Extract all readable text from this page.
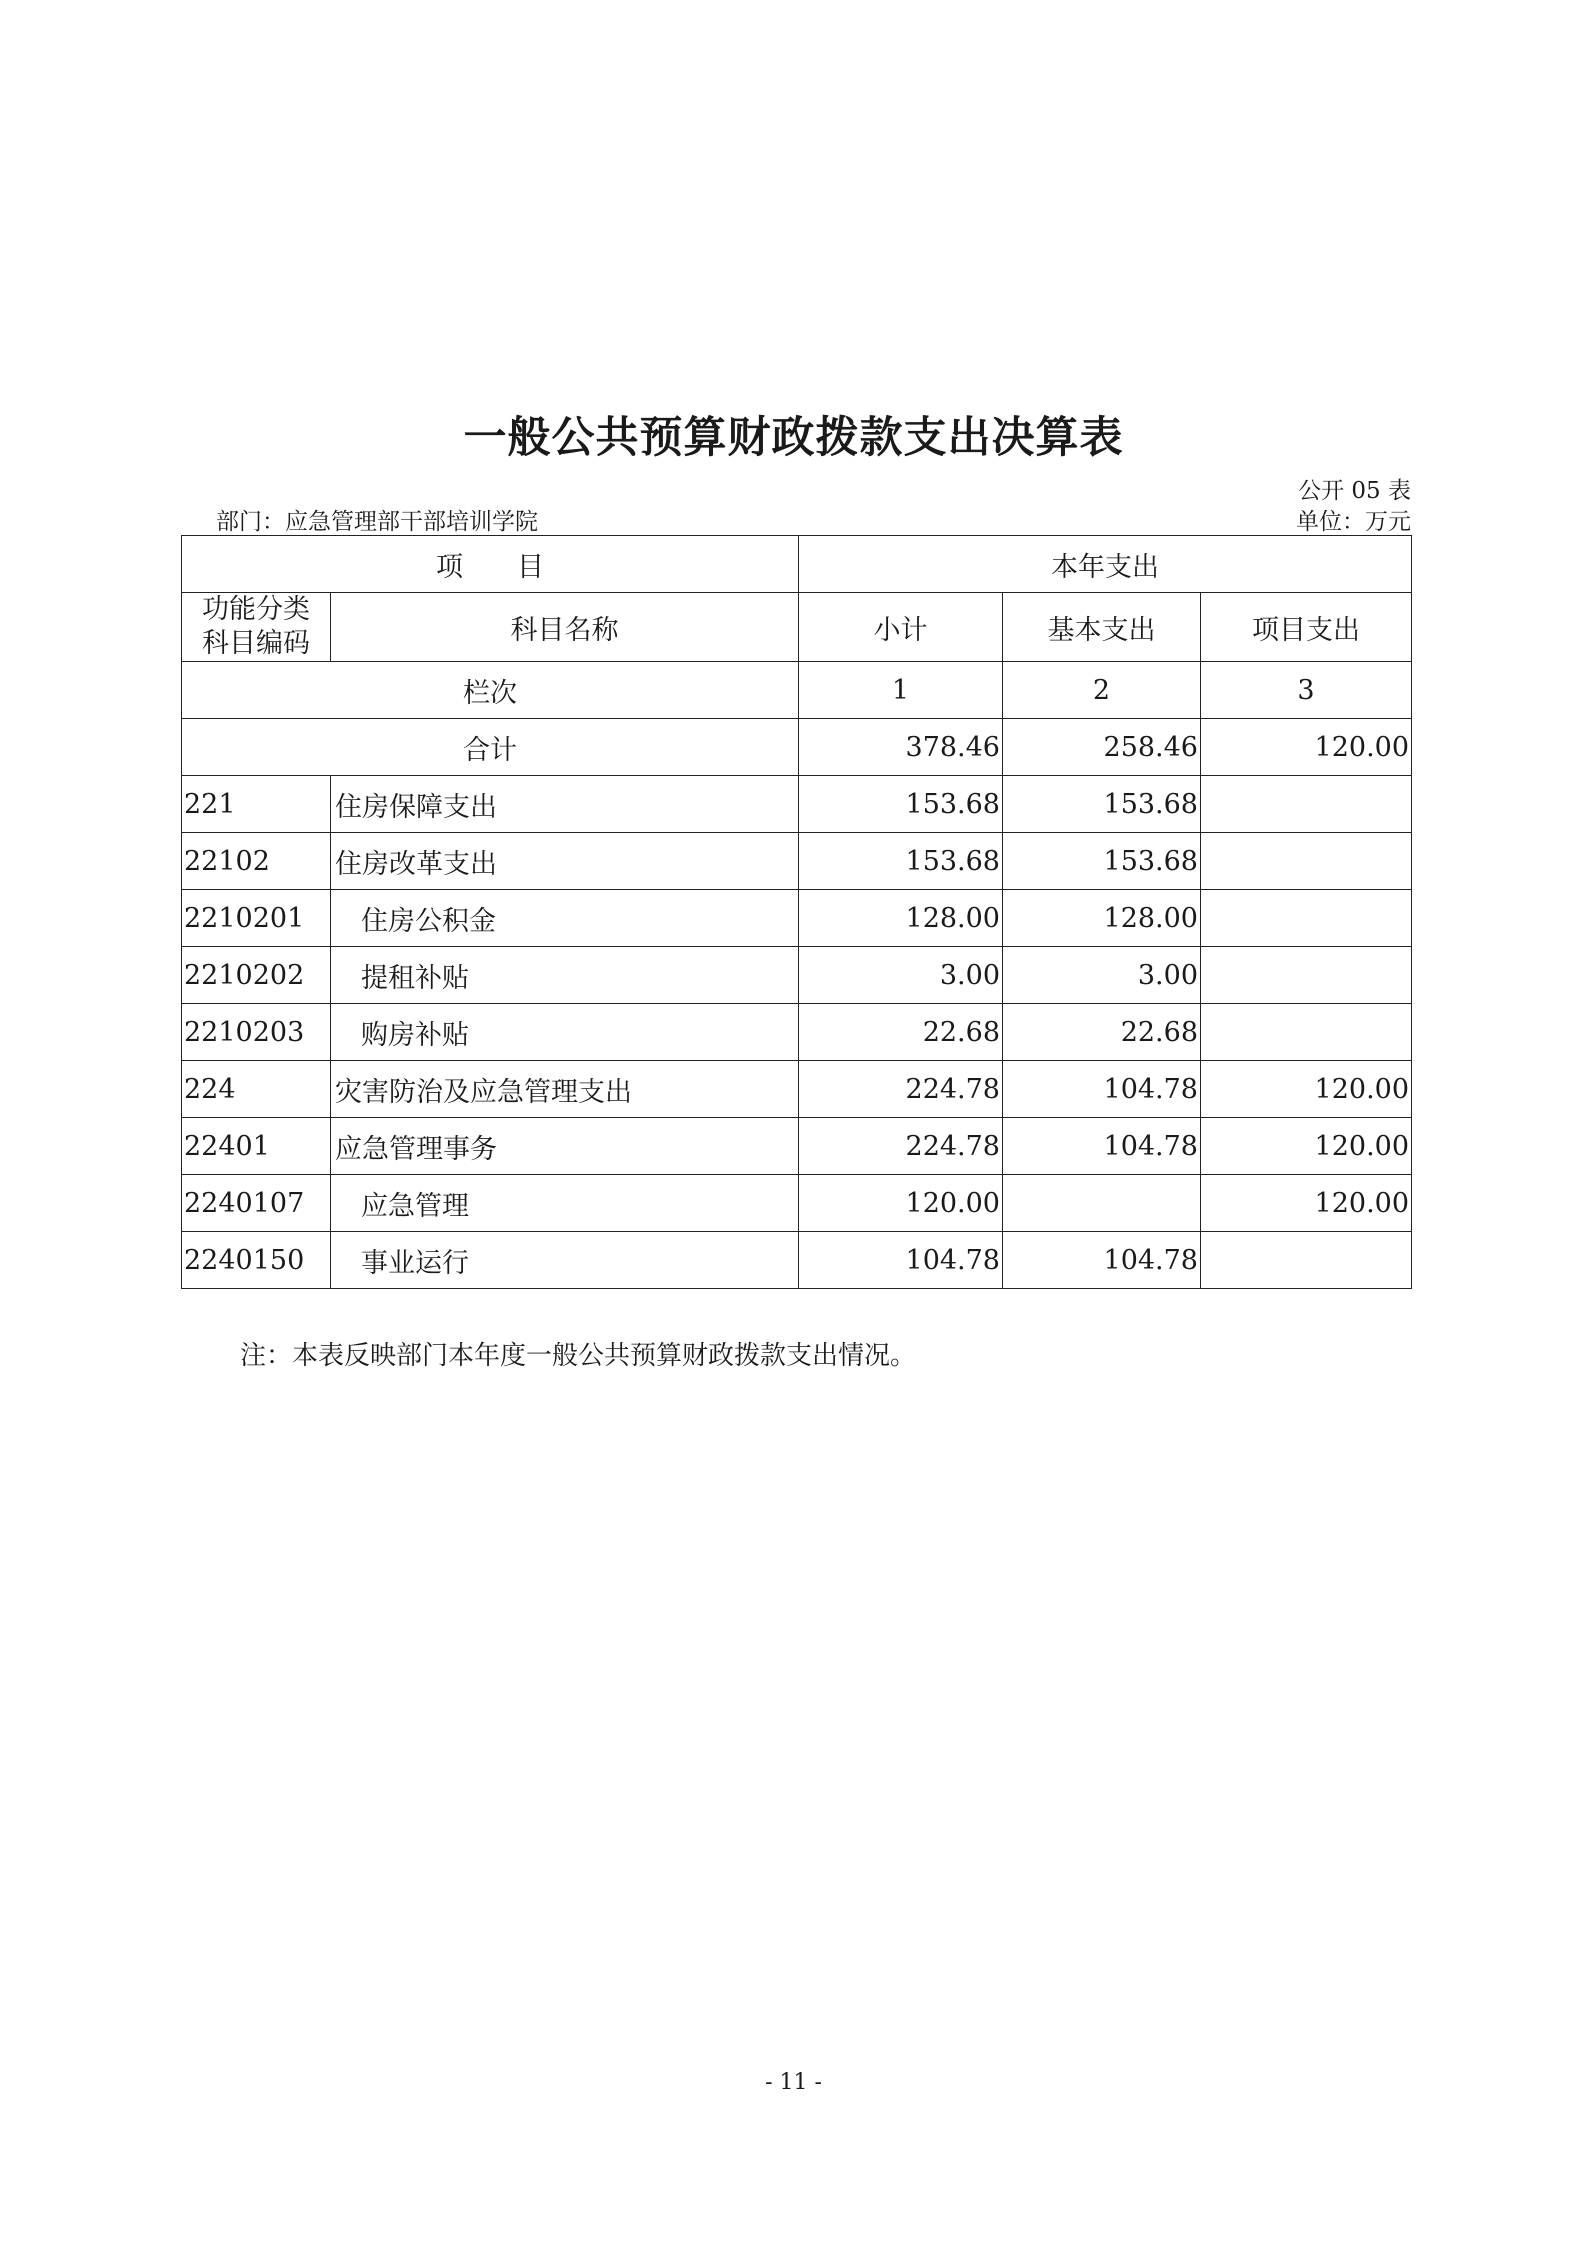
一般公共预算财政拨款支出决算表
公开 05 表
部门：应急管理部干部培训学院	单位：万元
项　　目		本年支出		

功能分类
科目编码	科目名称	小计	基本支出	项目支出
栏次		1	2	3
合计		378.46	258.46	120.00
221	住房保障支出	153.68	153.68	
22102	住房改革支出	153.68	153.68	
2210201	住房公积金	128.00	128.00	
2210202	提租补贴	3.00	3.00	
2210203	购房补贴	22.68	22.68	
224	灾害防治及应急管理支出	224.78	104.78	120.00
22401	应急管理事务	224.78	104.78	120.00
2240107	应急管理	120.00		120.00
2240150	事业运行	104.78	104.78	
注：本表反映部门本年度一般公共预算财政拨款支出情况。
- 11 -
